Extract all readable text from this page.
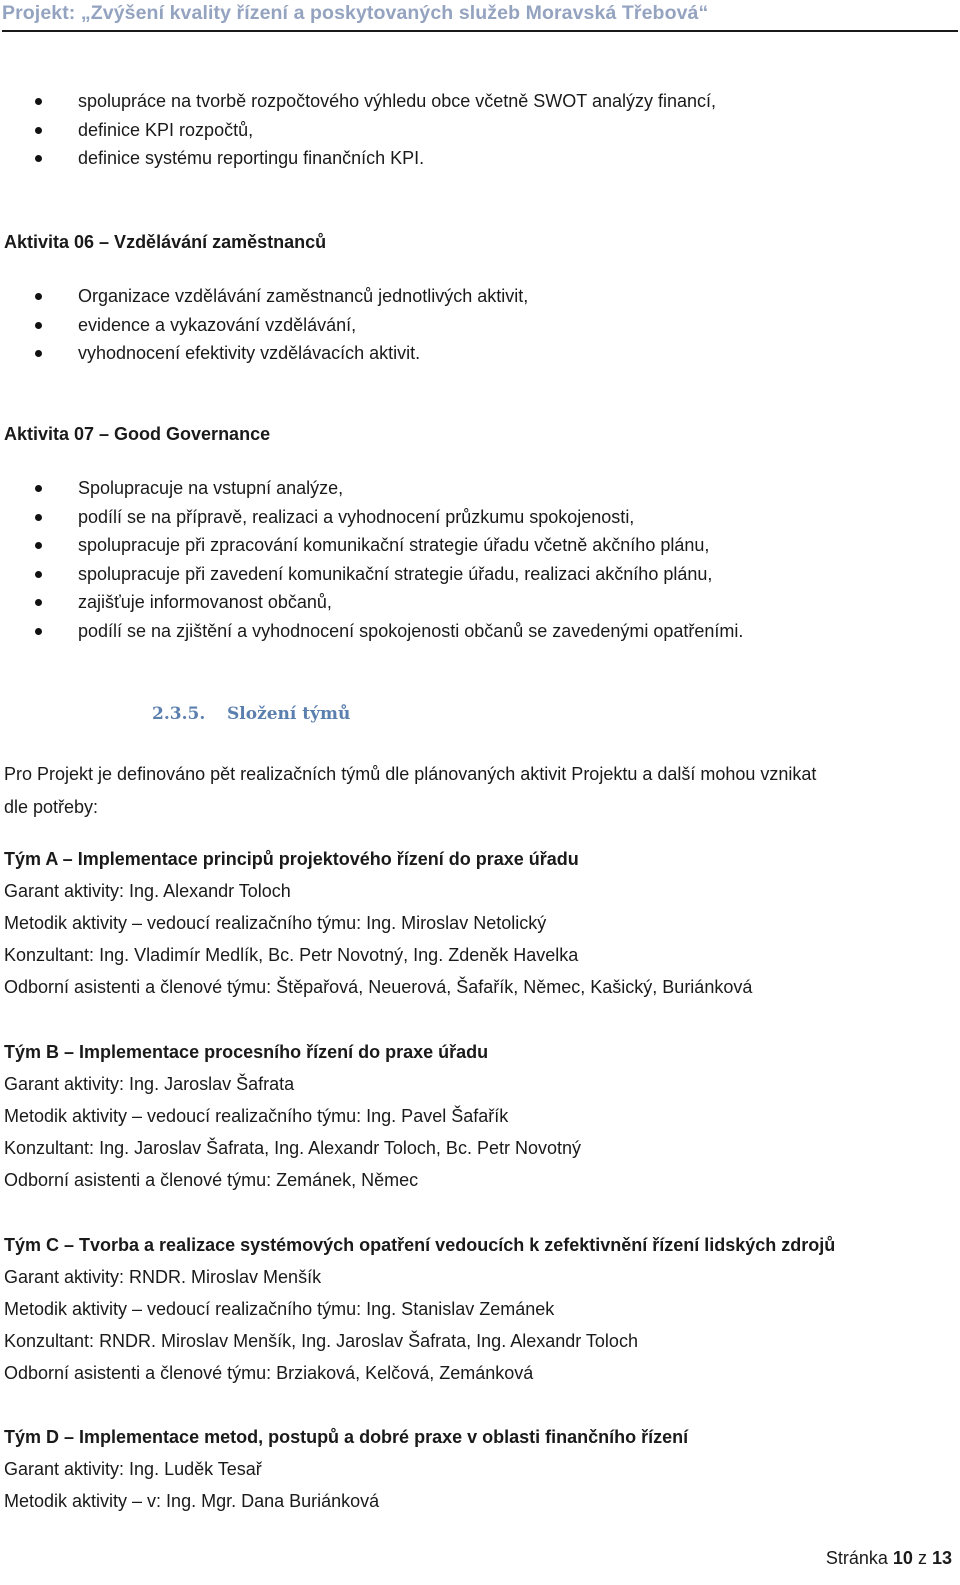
Projekt: „Zvýšení kvality řízení a poskytovaných služeb Moravská Třebová“
spolupráce na tvorbě rozpočtového výhledu obce včetně SWOT analýzy financí,
definice KPI rozpočtů,
definice systému reportingu finančních KPI.
Aktivita 06 – Vzdělávání zaměstnanců
Organizace vzdělávání zaměstnanců jednotlivých aktivit,
evidence a vykazování vzdělávání,
vyhodnocení efektivity vzdělávacích aktivit.
Aktivita 07 – Good Governance
Spolupracuje na vstupní analýze,
podílí se na přípravě, realizaci a vyhodnocení průzkumu spokojenosti,
spolupracuje při zpracování komunikační strategie úřadu včetně akčního plánu,
spolupracuje při zavedení komunikační strategie úřadu, realizaci akčního plánu,
zajišťuje informovanost občanů,
podílí se na zjištění a vyhodnocení spokojenosti občanů se zavedenými opatřeními.
2.3.5. Složení týmů
Pro Projekt je definováno pět realizačních týmů dle plánovaných aktivit Projektu a další mohou vznikat
dle potřeby:
Tým A – Implementace principů projektového řízení do praxe úřadu
Garant aktivity: Ing. Alexandr Toloch
Metodik aktivity – vedoucí realizačního týmu: Ing. Miroslav Netolický
Konzultant: Ing. Vladimír Medlík, Bc. Petr Novotný, Ing. Zdeněk Havelka
Odborní asistenti a členové týmu: Štěpařová, Neuerová, Šafařík, Němec, Kašický, Buriánková
Tým B – Implementace procesního řízení do praxe úřadu
Garant aktivity: Ing. Jaroslav Šafrata
Metodik aktivity – vedoucí realizačního týmu: Ing. Pavel Šafařík
Konzultant: Ing. Jaroslav Šafrata, Ing. Alexandr Toloch, Bc. Petr Novotný
Odborní asistenti a členové týmu: Zemánek, Němec
Tým C – Tvorba a realizace systémových opatření vedoucích k zefektivnění řízení lidských zdrojů
Garant aktivity: RNDR. Miroslav Menšík
Metodik aktivity – vedoucí realizačního týmu: Ing. Stanislav Zemánek
Konzultant: RNDR. Miroslav Menšík, Ing. Jaroslav Šafrata, Ing. Alexandr Toloch
Odborní asistenti a členové týmu: Brziaková, Kelčová, Zemánková
Tým D – Implementace metod, postupů a dobré praxe v oblasti finančního řízení
Garant aktivity: Ing. Luděk Tesař
Metodik aktivity – v: Ing. Mgr. Dana Buriánková
Stránka 10 z 13
